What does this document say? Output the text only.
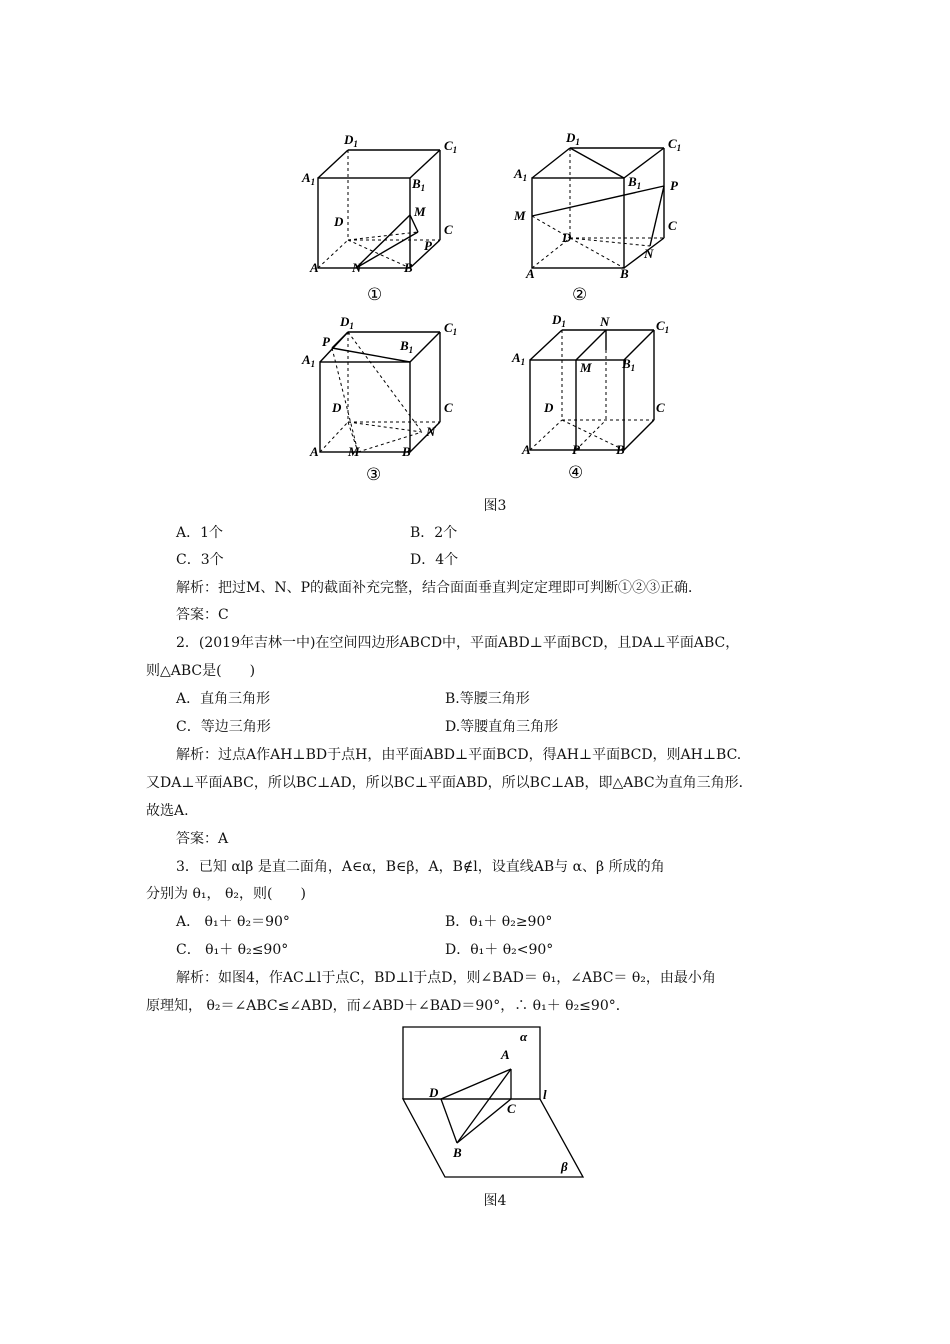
$D_1$	$C_1$
$A_1$	$B_1$
D
C
A	B
M
N
P
①
$D_1$	$C_1$
$A_1$	$B_1$
D
C
A	B
M
N
P
②
$D_1$	$C_1$
$A_1$
$B_1$
P
D	C
A	B
M
N
③
$D_1$	$C_1$
$A_1$	$B_1$
N
M
D	C
A	P	B
④
图3
A．1个	B．2个
C．3个	D．4个
解析：把过M、N、P的截面补充完整，结合面面垂直判定定理即可判断①②③正确．
答案：C
2．(2019年吉林一中)在空间四边形ABCD中，平面ABD⊥平面BCD，且DA⊥平面ABC，
则△ABC是(　　)
A．直角三角形	B.等腰三角形
C．等边三角形	D.等腰直角三角形
解析：过点A作AH⊥BD于点H，由平面ABD⊥平面BCD，得AH⊥平面BCD，则AH⊥BC.
又DA⊥平面ABC，所以BC⊥AD，所以BC⊥平面ABD，所以BC⊥AB，即△ABC为直角三角形．
故选A.
答案：A
3．已知 αlβ 是直二面角，A∈α，B∈β，A，B∉l，设直线AB与 α、β 所成的角
分别为 θ₁， θ₂，则(　　)
A． θ₁＋ θ₂＝90°	B．θ₁＋ θ₂≥90°
C． θ₁＋ θ₂≤90°	D．θ₁＋ θ₂<90°
解析：如图4，作AC⊥l于点C，BD⊥l于点D，则∠BAD＝ θ₁，∠ABC＝ θ₂，由最小角
原理知， θ₂＝∠ABC≤∠ABD，而∠ABD＋∠BAD＝90°，∴ θ₁＋ θ₂≤90°．
α
β
l
A
D
C
B
图4
